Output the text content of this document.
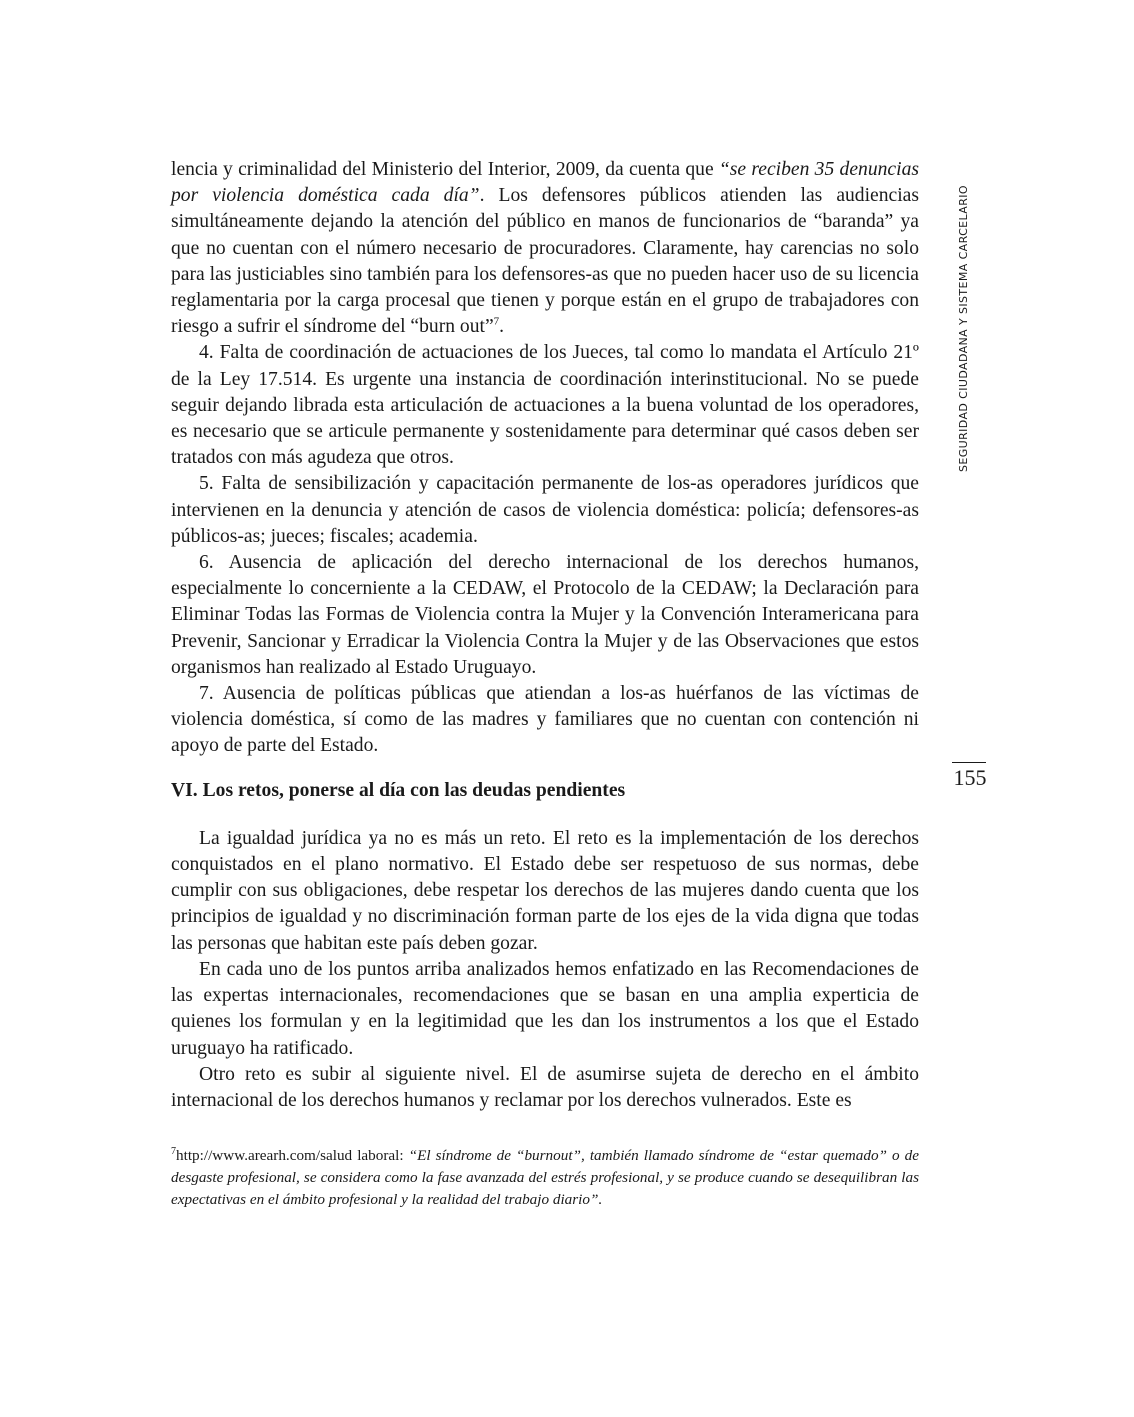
lencia y criminalidad del Ministerio del Interior, 2009, da cuenta que “se reciben 35 denuncias por violencia doméstica cada día”. Los defensores públicos atienden las audiencias simultáneamente dejando la atención del público en manos de funcionarios de “baranda” ya que no cuentan con el número necesario de procuradores. Claramente, hay carencias no solo para las justiciables sino también para los defensores-as que no pueden hacer uso de su licencia reglamentaria por la carga procesal que tienen y porque están en el grupo de trabajadores con riesgo a sufrir el síndrome del “burn out”$^7$.

4. Falta de coordinación de actuaciones de los Jueces, tal como lo mandata el Artículo 21º de la Ley 17.514. Es urgente una instancia de coordinación interinstitucional. No se puede seguir dejando librada esta articulación de actuaciones a la buena voluntad de los operadores, es necesario que se articule permanente y sostenidamente para determinar qué casos deben ser tratados con más agudeza que otros.

5. Falta de sensibilización y capacitación permanente de los-as operadores jurídicos que intervienen en la denuncia y atención de casos de violencia doméstica: policía; defensores-as públicos-as; jueces; fiscales; academia.

6. Ausencia de aplicación del derecho internacional de los derechos humanos, especialmente lo concerniente a la CEDAW, el Protocolo de la CEDAW; la Declaración para Eliminar Todas las Formas de Violencia contra la Mujer y la Convención Interamericana para Prevenir, Sancionar y Erradicar la Violencia Contra la Mujer y de las Observaciones que estos organismos han realizado al Estado Uruguayo.

7. Ausencia de políticas públicas que atiendan a los-as huérfanos de las víctimas de violencia doméstica, sí como de las madres y familiares que no cuentan con contención ni apoyo de parte del Estado.

VI. Los retos, ponerse al día con las deudas pendientes

La igualdad jurídica ya no es más un reto. El reto es la implementación de los derechos conquistados en el plano normativo. El Estado debe ser respetuoso de sus normas, debe cumplir con sus obligaciones, debe respetar los derechos de las mujeres dando cuenta que los principios de igualdad y no discriminación forman parte de los ejes de la vida digna que todas las personas que habitan este país deben gozar.

En cada uno de los puntos arriba analizados hemos enfatizado en las Recomendaciones de las expertas internacionales, recomendaciones que se basan en una amplia experticia de quienes los formulan y en la legitimidad que les dan los instrumentos a los que el Estado uruguayo ha ratificado.

Otro reto es subir al siguiente nivel. El de asumirse sujeta de derecho en el ámbito internacional de los derechos humanos y reclamar por los derechos vulnerados. Este es

$^7$http://www.arearh.com/salud laboral: “El síndrome de “burnout”, también llamado síndrome de “estar quemado” o de desgaste profesional, se considera como la fase avanzada del estrés profesional, y se produce cuando se desequilibran las expectativas en el ámbito profesional y la realidad del trabajo diario”.

SEGURIDAD CIUDADANA Y SISTEMA CARCELARIO
155
